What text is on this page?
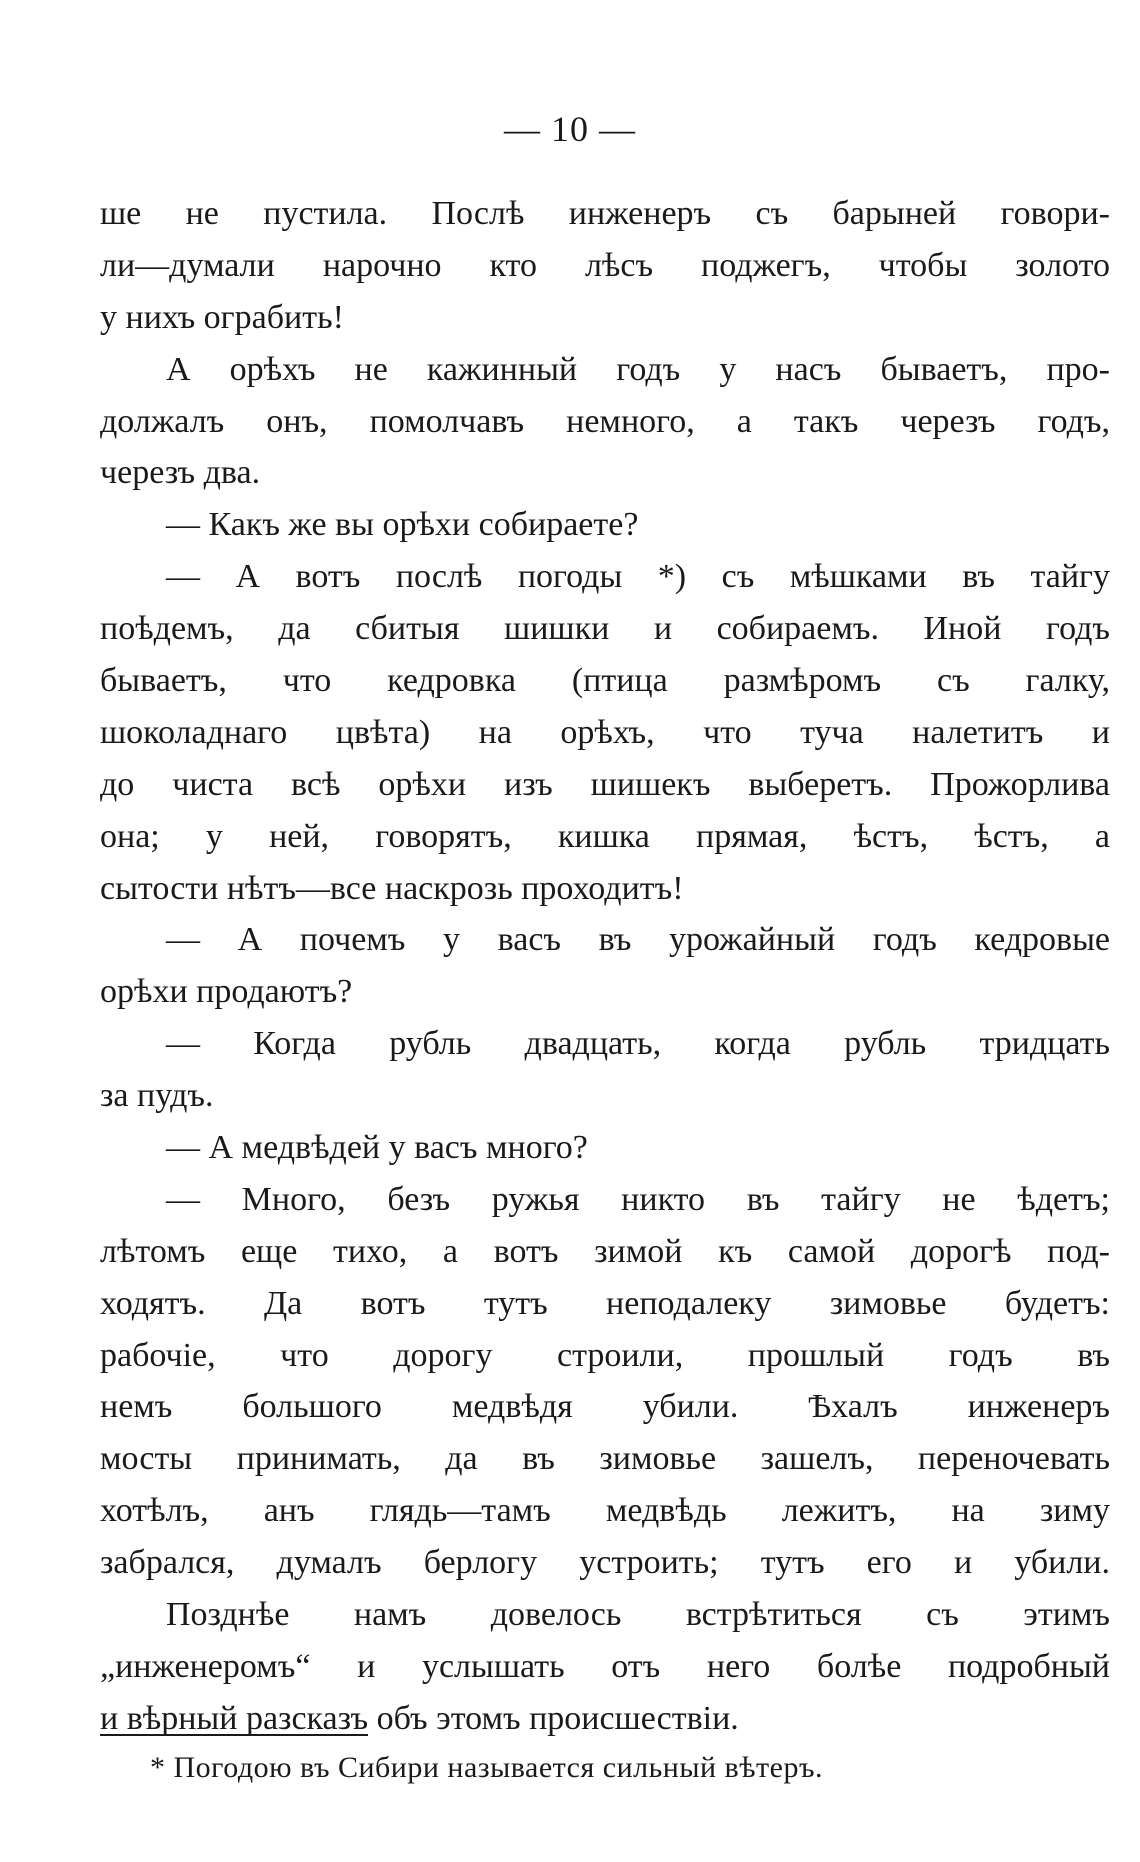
— 10 —
ше не пустила. Послѣ инженеръ съ барыней говори-
ли—думали нарочно кто лѣсъ поджегъ, чтобы золото
у нихъ ограбить!
А орѣхъ не кажинный годъ у насъ бываетъ, про-
должалъ онъ, помолчавъ немного, а такъ черезъ годъ,
черезъ два.
— Какъ же вы орѣхи собираете?
— А вотъ послѣ погоды *) съ мѣшками въ тайгу
поѣдемъ, да сбитыя шишки и собираемъ. Иной годъ
бываетъ, что кедровка (птица размѣромъ съ галку,
шоколаднаго цвѣта) на орѣхъ, что туча налетитъ и
до чиста всѣ орѣхи изъ шишекъ выберетъ. Прожорлива
она; у ней, говорятъ, кишка прямая, ѣстъ, ѣстъ, а
сытости нѣтъ—все наскрозь проходитъ!
— А почемъ у васъ въ урожайный годъ кедровые
орѣхи продаютъ?
— Когда рубль двадцать, когда рубль тридцать
за пудъ.
— А медвѣдей у васъ много?
— Много, безъ ружья никто въ тайгу не ѣдетъ;
лѣтомъ еще тихо, а вотъ зимой къ самой дорогѣ под-
ходятъ. Да вотъ тутъ неподалеку зимовье будетъ:
рабочіе, что дорогу строили, прошлый годъ въ
немъ большого медвѣдя убили. Ѣхалъ инженеръ
мосты принимать, да въ зимовье зашелъ, переночевать
хотѣлъ, анъ глядь—тамъ медвѣдь лежитъ, на зиму
забрался, думалъ берлогу устроить; тутъ его и убили.
Позднѣе намъ довелось встрѣтиться съ этимъ
„инженеромъ“ и услышать отъ него болѣе подробный
и вѣрный разсказъ объ этомъ происшествіи.
* Погодою въ Сибири называется сильный вѣтеръ.
